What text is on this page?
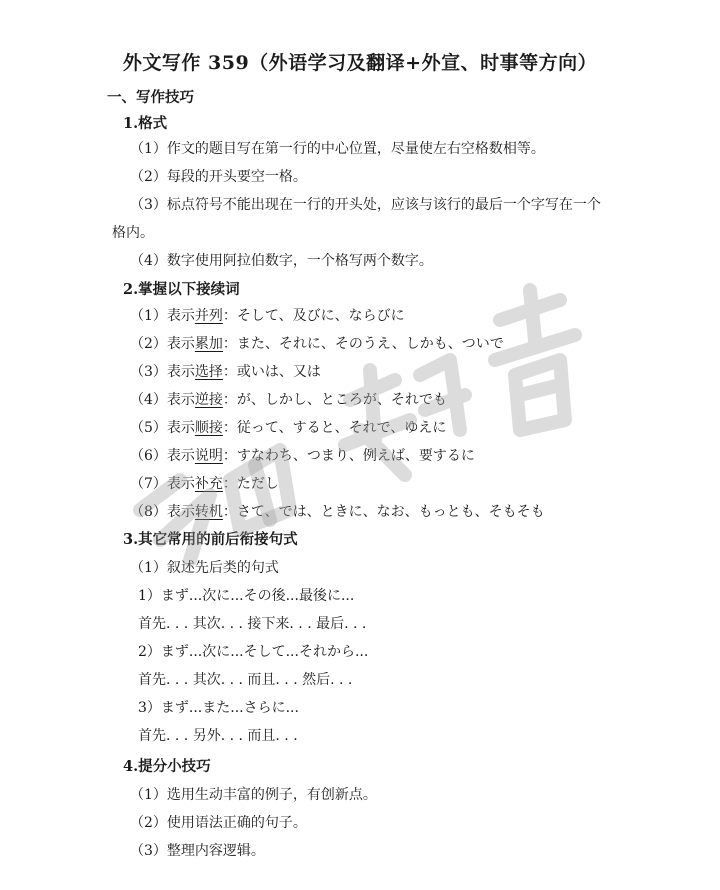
外文写作 359（外语学习及翻译+外宣、时事等方向）
一、写作技巧
1.格式
（1）作文的题目写在第一行的中心位置，尽量使左右空格数相等。
（2）每段的开头要空一格。
（3）标点符号不能出现在一行的开头处，应该与该行的最后一个字写在一个
格内。
（4）数字使用阿拉伯数字，一个格写两个数字。
2.掌握以下接续词
（1）表示并列：そして、及びに、ならびに
（2）表示累加：また、それに、そのうえ、しかも、ついで
（3）表示选择：或いは、又は
（4）表示逆接：が、しかし、ところが、それでも
（5）表示顺接：従って、すると、それで、ゆえに
（6）表示说明：すなわち、つまり、例えば、要するに
（7）表示补充：ただし
（8）表示转机：さて、では、ときに、なお、もっとも、そもそも
3.其它常用的前后衔接句式
（1）叙述先后类的句式
1）まず...次に...その後...最後に...
首先. . . 其次. . . 接下来. . . 最后. . .
2）まず...次に...そして...それから...
首先. . . 其次. . . 而且. . . 然后. . .
3）まず...また...さらに...
首先. . . 另外. . . 而且. . .
4.提分小技巧
（1）选用生动丰富的例子，有创新点。
（2）使用语法正确的句子。
（3）整理内容逻辑。
